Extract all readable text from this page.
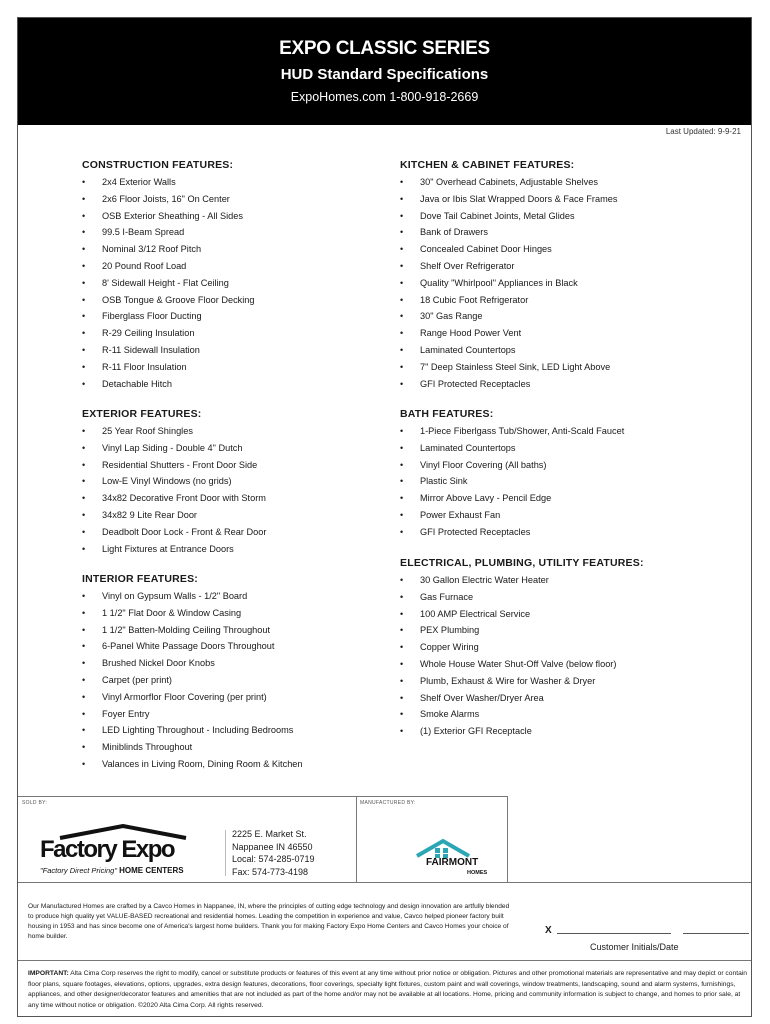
EXPO CLASSIC SERIES
HUD Standard Specifications
ExpoHomes.com 1-800-918-2669
Last Updated: 9-9-21
CONSTRUCTION FEATURES:
• 2x4 Exterior Walls
• 2x6 Floor Joists, 16" On Center
• OSB Exterior Sheathing - All Sides
• 99.5 I-Beam Spread
• Nominal 3/12 Roof Pitch
• 20 Pound Roof Load
• 8' Sidewall Height - Flat Ceiling
• OSB Tongue & Groove Floor Decking
• Fiberglass Floor Ducting
• R-29 Ceiling Insulation
• R-11 Sidewall Insulation
• R-11 Floor Insulation
• Detachable Hitch
EXTERIOR FEATURES:
• 25 Year Roof Shingles
• Vinyl Lap Siding - Double 4" Dutch
• Residential Shutters - Front Door Side
• Low-E Vinyl Windows (no grids)
• 34x82 Decorative Front Door with Storm
• 34x82 9 Lite Rear Door
• Deadbolt Door Lock - Front & Rear Door
• Light Fixtures at Entrance Doors
INTERIOR FEATURES:
• Vinyl on Gypsum Walls - 1/2" Board
• 1 1/2" Flat Door & Window Casing
• 1 1/2" Batten-Molding Ceiling Throughout
• 6-Panel White Passage Doors Throughout
• Brushed Nickel Door Knobs
• Carpet (per print)
• Vinyl Armorflor Floor Covering (per print)
• Foyer Entry
• LED Lighting Throughout - Including Bedrooms
• Miniblinds Throughout
• Valances in Living Room, Dining Room & Kitchen
KITCHEN & CABINET FEATURES:
• 30" Overhead Cabinets, Adjustable Shelves
• Java or Ibis Slat Wrapped Doors & Face Frames
• Dove Tail Cabinet Joints, Metal Glides
• Bank of Drawers
• Concealed Cabinet Door Hinges
• Shelf Over Refrigerator
• Quality "Whirlpool" Appliances in Black
• 18 Cubic Foot Refrigerator
• 30" Gas Range
• Range Hood Power Vent
• Laminated Countertops
• 7" Deep Stainless Steel Sink, LED Light Above
• GFI Protected Receptacles
BATH FEATURES:
• 1-Piece Fiberlgass Tub/Shower, Anti-Scald Faucet
• Laminated Countertops
• Vinyl Floor Covering (All baths)
• Plastic Sink
• Mirror Above Lavy - Pencil Edge
• Power Exhaust Fan
• GFI Protected Receptacles
ELECTRICAL, PLUMBING, UTILITY FEATURES:
• 30 Gallon Electric Water Heater
• Gas Furnace
• 100 AMP Electrical Service
• PEX Plumbing
• Copper Wiring
• Whole House Water Shut-Off Valve (below floor)
• Plumb, Exhaust & Wire for Washer & Dryer
• Shelf Over Washer/Dryer Area
• Smoke Alarms
• (1) Exterior GFI Receptacle
SOLD BY:	MANUFACTURED BY:
Factory Expo
"Factory Direct Pricing" HOME CENTERS
2225 E. Market St.
Nappanee IN 46550
Local: 574-285-0719
Fax: 574-773-4198
FAIRMONT
HOMES
Our Manufactured Homes are crafted by a Cavco Homes in Nappanee, IN, where the principles of cutting edge technology and design innovation are artfully blended to produce high quality yet VALUE-BASED recreational and residential homes. Leading the competition in experience and value, Cavco helped pioneer factory built housing in 1953 and has since become one of America's largest home builders. Thank you for making Factory Expo Home Centers and Cavco Homes your choice of home builder.
X
Customer Initials/Date
IMPORTANT: Alta Cima Corp reserves the right to modify, cancel or substitute products or features of this event at any time without prior notice or obligation. Pictures and other promotional materials are representative and may depict or contain floor plans, square footages, elevations, options, upgrades, extra design features, decorations, floor coverings, specialty light fixtures, custom paint and wall coverings, window treatments, landscaping, sound and alarm systems, furnishings, appliances, and other designer/decorator features and amenities that are not included as part of the home and/or may not be available at all locations. Home, pricing and community information is subject to change, and homes to prior sale, at any time without notice or obligation. ©2020 Alta Cima Corp. All rights reserved.
